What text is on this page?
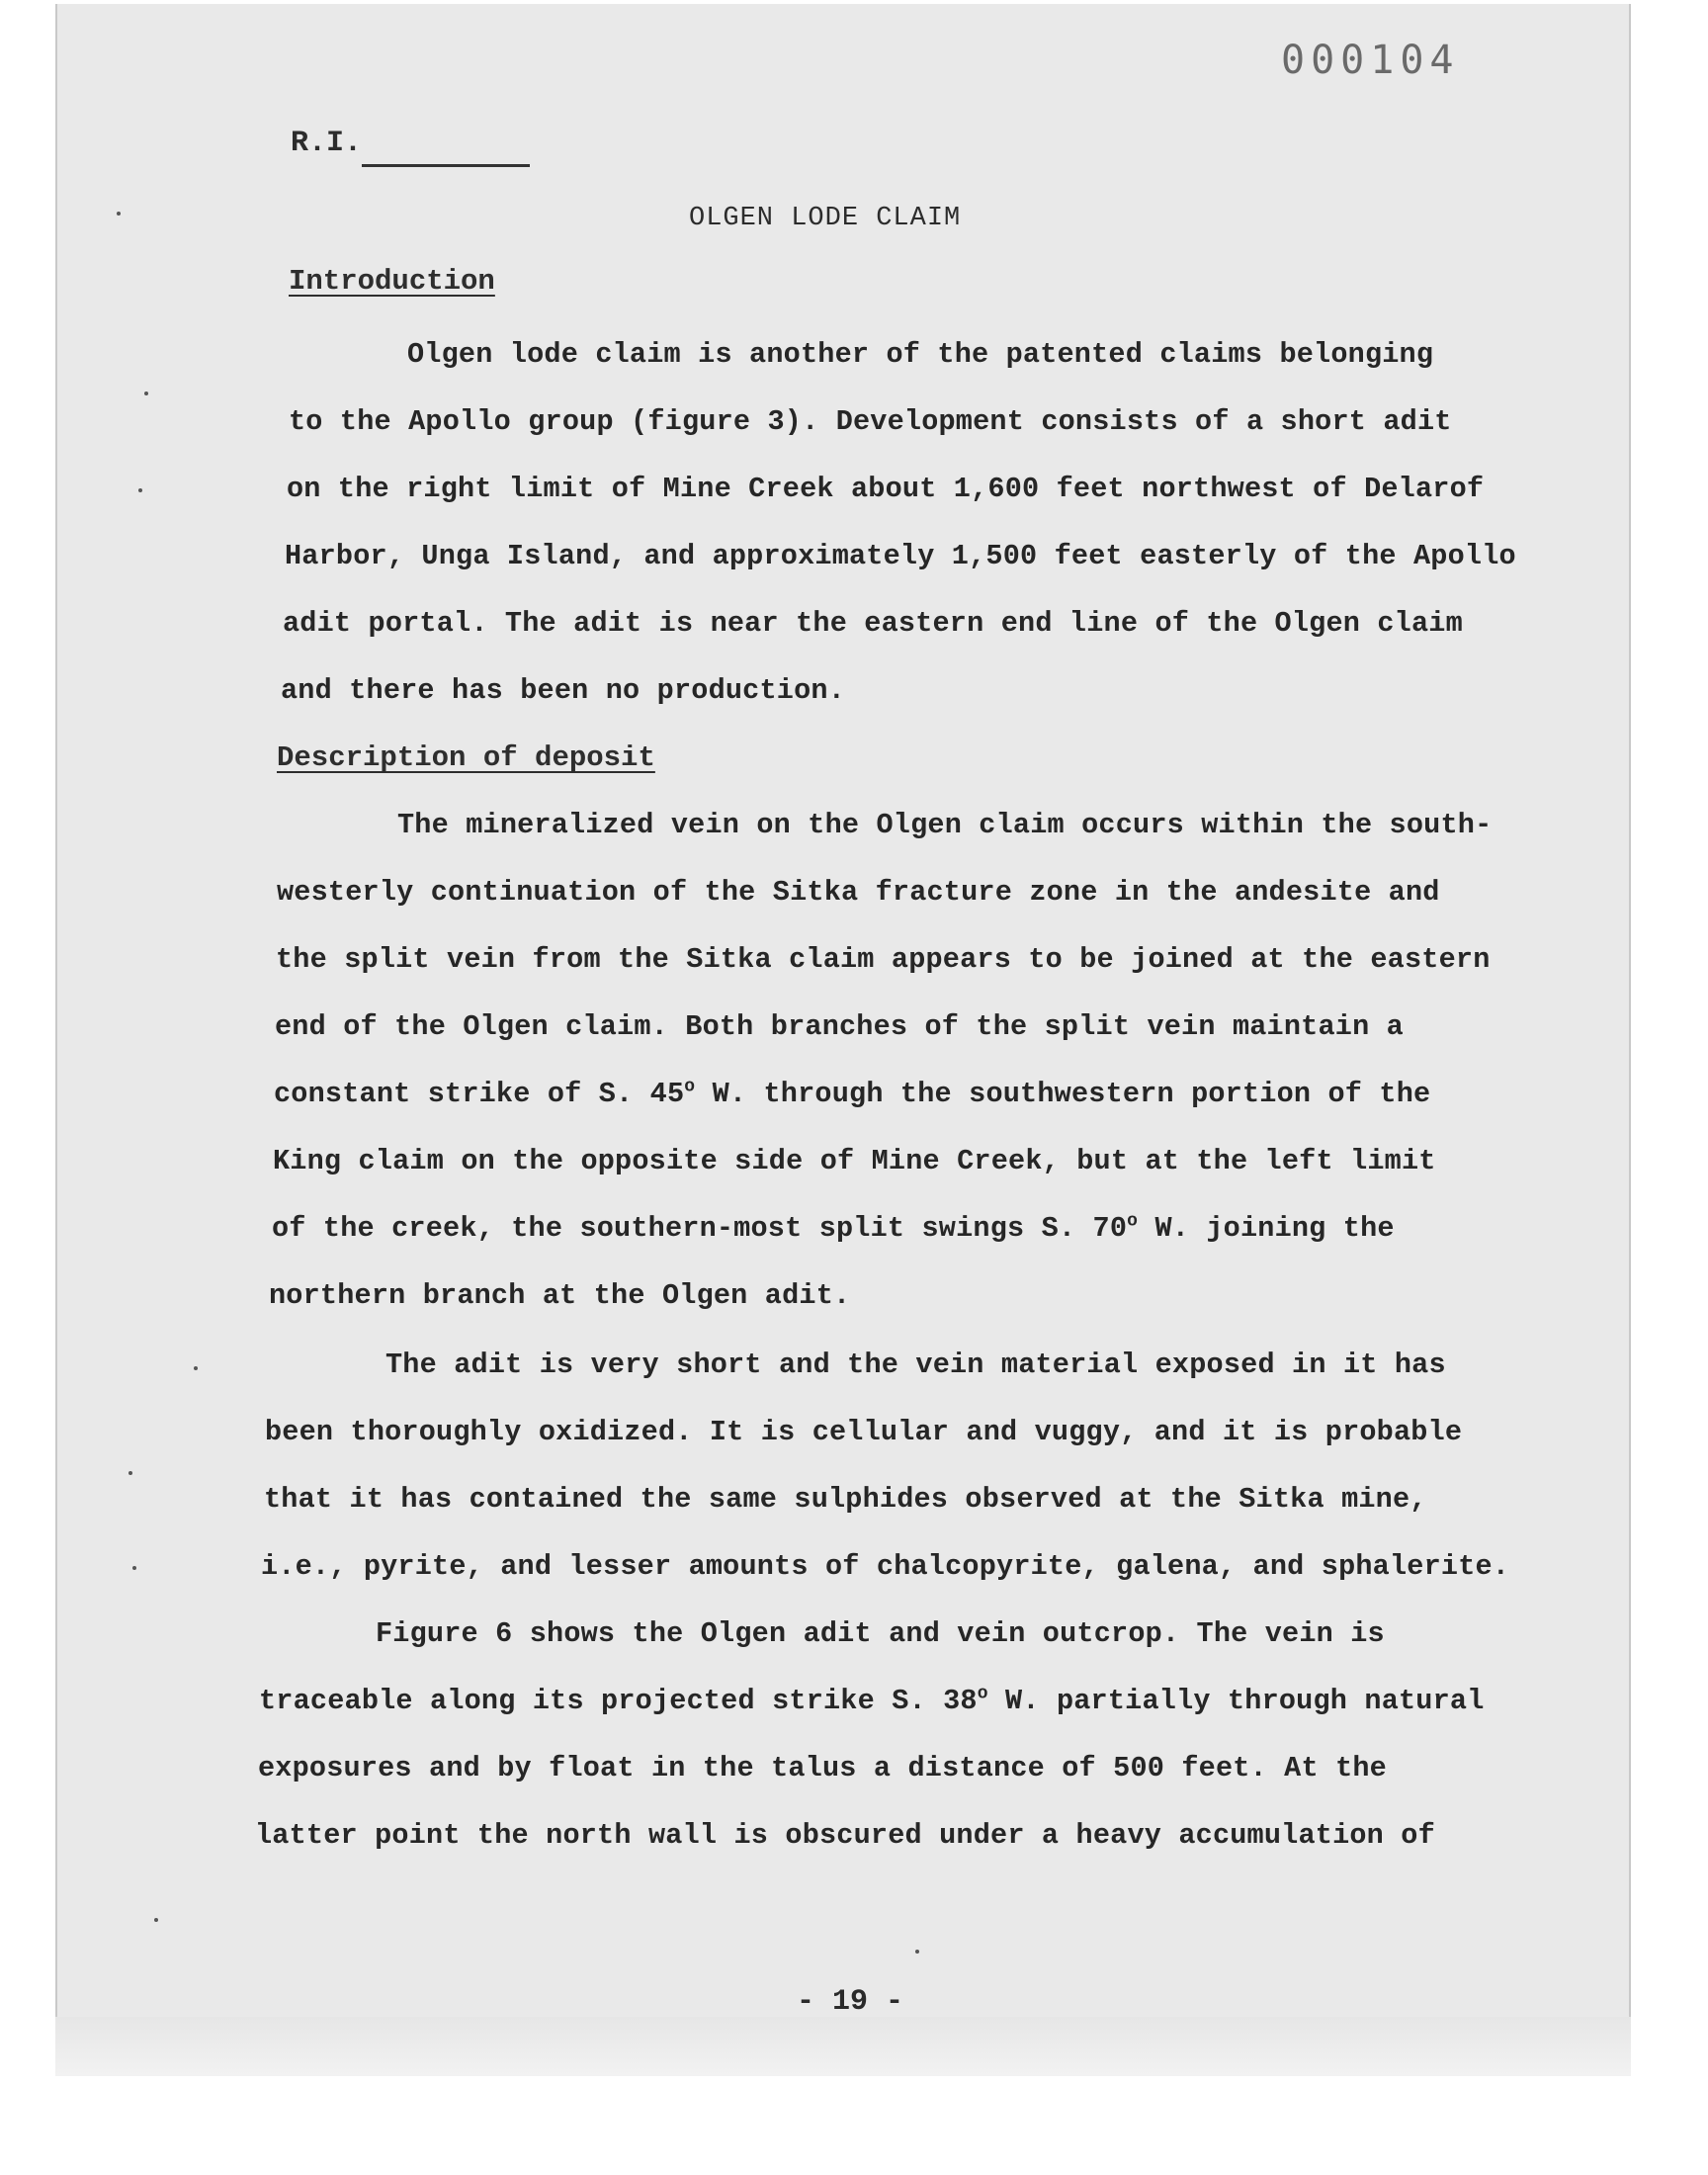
000104
R.I.
OLGEN LODE CLAIM
Introduction
Olgen lode claim is another of the patented claims belonging
to the Apollo group (figure 3). Development consists of a short adit
on the right limit of Mine Creek about 1,600 feet northwest of Delarof
Harbor, Unga Island, and approximately 1,500 feet easterly of the Apollo
adit portal. The adit is near the eastern end line of the Olgen claim
and there has been no production.
Description of deposit
The mineralized vein on the Olgen claim occurs within the south-
westerly continuation of the Sitka fracture zone in the andesite and
the split vein from the Sitka claim appears to be joined at the eastern
end of the Olgen claim. Both branches of the split vein maintain a
constant strike of S. 45$^o$ W. through the southwestern portion of the
King claim on the opposite side of Mine Creek, but at the left limit
of the creek, the southern-most split swings S. 70$^o$ W. joining the
northern branch at the Olgen adit.
The adit is very short and the vein material exposed in it has
been thoroughly oxidized. It is cellular and vuggy, and it is probable
that it has contained the same sulphides observed at the Sitka mine,
i.e., pyrite, and lesser amounts of chalcopyrite, galena, and sphalerite.
Figure 6 shows the Olgen adit and vein outcrop. The vein is
traceable along its projected strike S. 38$^o$ W. partially through natural
exposures and by float in the talus a distance of 500 feet. At the
latter point the north wall is obscured under a heavy accumulation of
- 19 -
